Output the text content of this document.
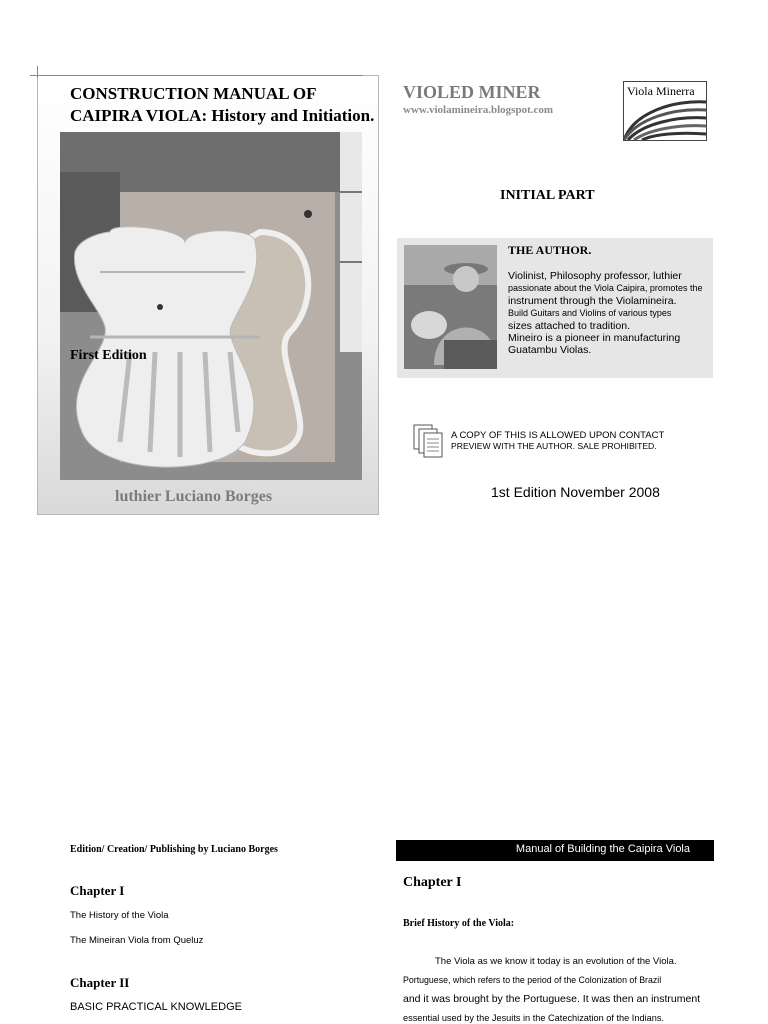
CONSTRUCTION MANUAL OF
CAIPIRA VIOLA: History and Initiation.
First Edition
luthier Luciano Borges
VIOLED MINER
www.violamineira.blogspot.com
Viola Minerra
INITIAL PART
THE AUTHOR.
Violinist, Philosophy professor, luthier
passionate about the Viola Caipira, promotes the
instrument through the Violamineira.
Build Guitars and Violins of various types
sizes attached to tradition.
Mineiro is a pioneer in manufacturing
Guatambu Violas.
A COPY OF THIS IS ALLOWED UPON CONTACT
PREVIEW WITH THE AUTHOR. SALE PROHIBITED.
1st Edition November 2008
Edition/ Creation/ Publishing by Luciano Borges
Chapter I
The History of the Viola
The Mineiran Viola from Queluz
Chapter II
BASIC PRACTICAL KNOWLEDGE
Manual of Building the Caipira Viola
Chapter I
Brief History of the Viola:
The Viola as we know it today is an evolution of the Viola.
Portuguese, which refers to the period of the Colonization of Brazil
and it was brought by the Portuguese. It was then an instrument
essential used by the Jesuits in the Catechization of the Indians.
